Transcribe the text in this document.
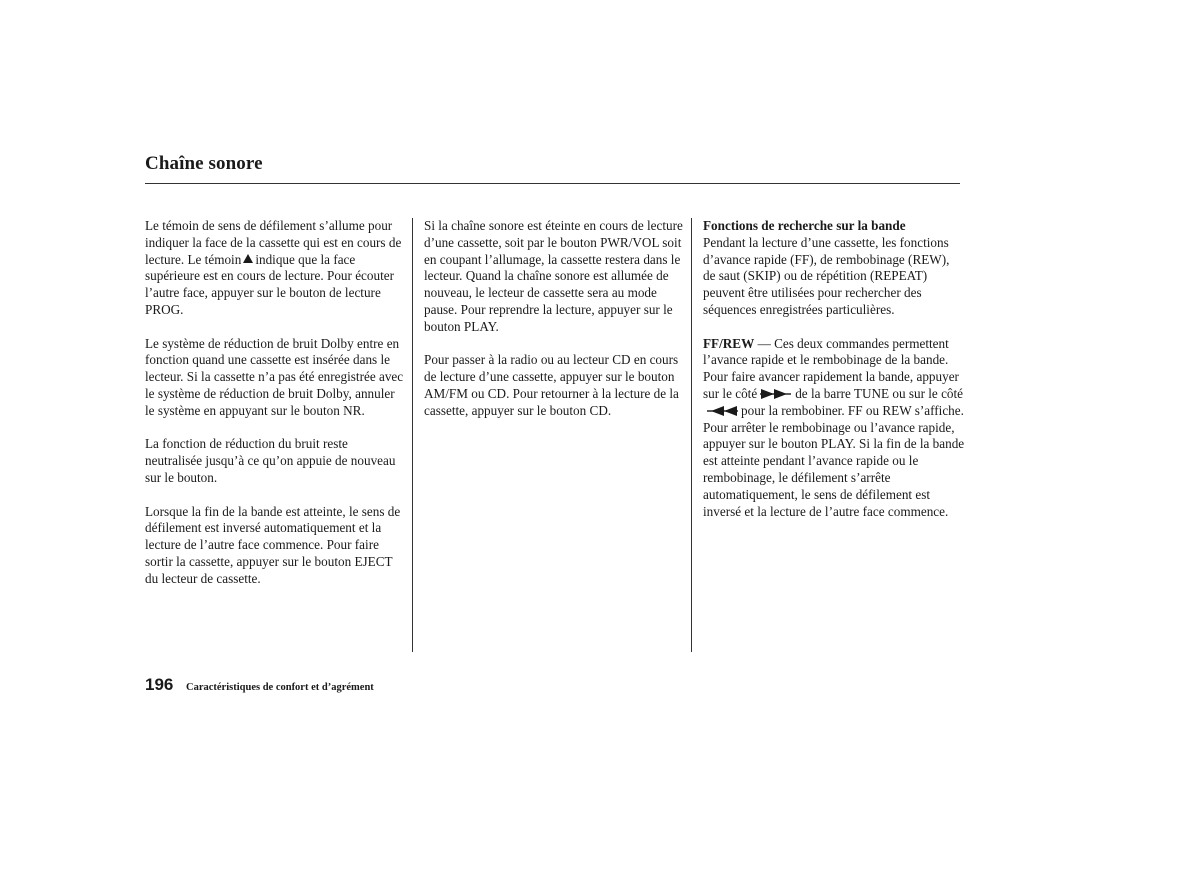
Chaîne sonore

Le témoin de sens de défilement s’allume pour indiquer la face de la cassette qui est en cours de lecture. Le témoin indique que la face supérieure est en cours de lecture. Pour écouter l’autre face, appuyer sur le bouton de lecture PROG.

Le système de réduction de bruit Dolby entre en fonction quand une cassette est insérée dans le lecteur. Si la cassette n’a pas été enregistrée avec le système de réduction de bruit Dolby, annuler le système en appuyant sur le bouton NR.

La fonction de réduction du bruit reste neutralisée jusqu’à ce qu’on appuie de nouveau sur le bouton.

Lorsque la fin de la bande est atteinte, le sens de défilement est inversé automatiquement et la lecture de l’autre face commence. Pour faire sortir la cassette, appuyer sur le bouton EJECT du lecteur de cassette.

Si la chaîne sonore est éteinte en cours de lecture d’une cassette, soit par le bouton PWR/VOL soit en coupant l’allumage, la cassette restera dans le lecteur. Quand la chaîne sonore est allumée de nouveau, le lecteur de cassette sera au mode pause. Pour reprendre la lecture, appuyer sur le bouton PLAY.

Pour passer à la radio ou au lecteur CD en cours de lecture d’une cassette, appuyer sur le bouton AM/FM ou CD. Pour retourner à la lecture de la cassette, appuyer sur le bouton CD.

Fonctions de recherche sur la bande
Pendant la lecture d’une cassette, les fonctions d’avance rapide (FF), de rembobinage (REW), de saut (SKIP) ou de répétition (REPEAT) peuvent être utilisées pour rechercher des séquences enregistrées particulières.

FF/REW — Ces deux commandes permettent l’avance rapide et le rembobinage de la bande. Pour faire avancer rapidement la bande, appuyer sur le côté	de la barre TUNE ou sur le côtépour la rembobiner. FF ou REW s’affiche. Pour arrêter le rembobinage ou l’avance rapide, appuyer sur le bouton PLAY. Si la fin de la bande est atteinte pendant l’avance rapide ou le rembobinage, le défilement s’arrête automatiquement, le sens de défilement est inversé et la lecture de l’autre face commence.

196 Caractéristiques de confort et d’agrément
